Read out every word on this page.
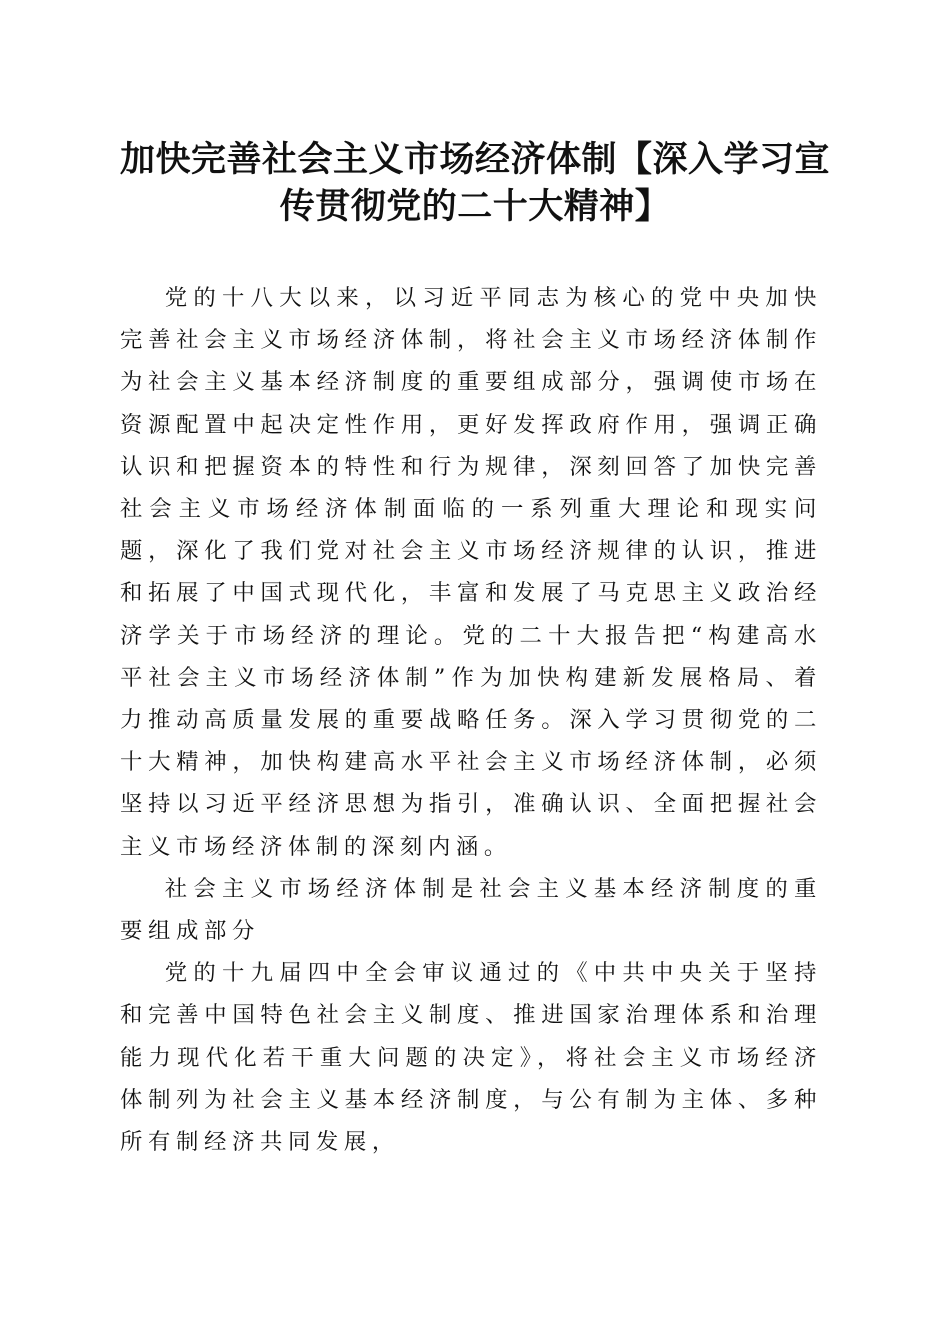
加快完善社会主义市场经济体制【深入学习宣
传贯彻党的二十大精神】

党的十八大以来，以习近平同志为核心的党中央加快完善社会主义市场经济体制，将社会主义市场经济体制作为社会主义基本经济制度的重要组成部分，强调使市场在资源配置中起决定性作用，更好发挥政府作用，强调正确认识和把握资本的特性和行为规律，深刻回答了加快完善社会主义市场经济体制面临的一系列重大理论和现实问题，深化了我们党对社会主义市场经济规律的认识，推进和拓展了中国式现代化，丰富和发展了马克思主义政治经济学关于市场经济的理论。党的二十大报告把“构建高水平社会主义市场经济体制”作为加快构建新发展格局、着力推动高质量发展的重要战略任务。深入学习贯彻党的二十大精神，加快构建高水平社会主义市场经济体制，必须坚持以习近平经济思想为指引，准确认识、全面把握社会主义市场经济体制的深刻内涵。

社会主义市场经济体制是社会主义基本经济制度的重要组成部分

党的十九届四中全会审议通过的《中共中央关于坚持和完善中国特色社会主义制度、推进国家治理体系和治理能力现代化若干重大问题的决定》，将社会主义市场经济体制列为社会主义基本经济制度，与公有制为主体、多种所有制经济共同发展，
